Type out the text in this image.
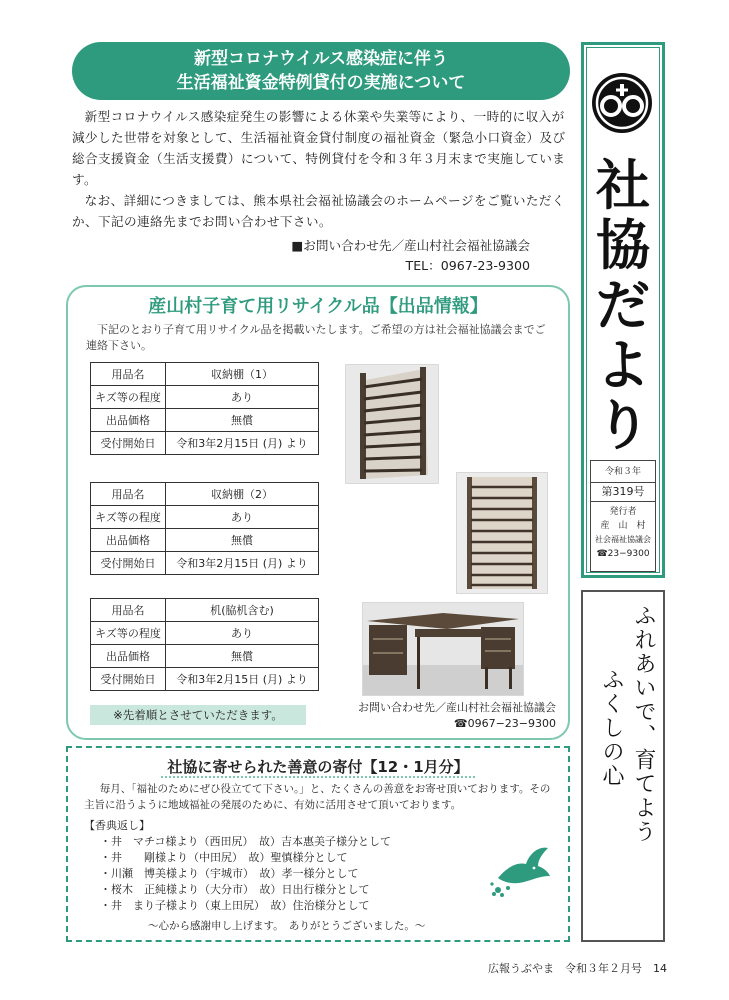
新型コロナウイルス感染症に伴う
生活福祉資金特例貸付の実施について

新型コロナウイルス感染症発生の影響による休業や失業等により、一時的に収入が減少した世帯を対象として、生活福祉資金貸付制度の福祉資金（緊急小口資金）及び総合支援資金（生活支援費）について、特例貸付を令和３年３月末まで実施しています。

なお、詳細につきましては、熊本県社会福祉協議会のホームページをご覧いただくか、下記の連絡先までお問い合わせ下さい。

■お問い合わせ先／産山村社会福祉協議会
TEL：0967-23-9300
産山村子育て用リサイクル品【出品情報】
下記のとおり子育て用リサイクル品を掲載いたします。ご希望の方は社会福祉協議会までご連絡下さい。
用品名	収納棚（1）
キズ等の程度	あり
出品価格	無償
受付開始日	令和3年2月15日 (月) より
用品名	収納棚（2）
キズ等の程度	あり
出品価格	無償
受付開始日	令和3年2月15日 (月) より
用品名	机(脇机含む)
キズ等の程度	あり
出品価格	無償
受付開始日	令和3年2月15日 (月) より
※先着順とさせていただきます。
お問い合わせ先／産山村社会福祉協議会
☎0967−23−9300
社協に寄せられた善意の寄付【12・1月分】
毎月、「福祉のためにぜひ役立てて下さい。」と、たくさんの善意をお寄せ頂いております。その主旨に沿うように地域福祉の発展のために、有効に活用させて頂いております。
【香典返し】
・井　マチコ様より（西田尻）　故）吉本惠美子様分として
・井　　剛様より（中田尻）　故）聖慎様分として
・川瀬　博美様より（宇城市）　故）孝一様分として
・桜木　正純様より（大分市）　故）日出行様分として
・井　まり子様より（東上田尻）　故）住治様分として
〜心から感謝申し上げます。　ありがとうございました。〜
社
協
だ
よ
り
令和３年
第319号
発行者
産　山　村
社会福祉協議会
☎23−9300
ふれあいで、育てよう
ふくしの心
広報うぶやま　令和３年２月号　14
